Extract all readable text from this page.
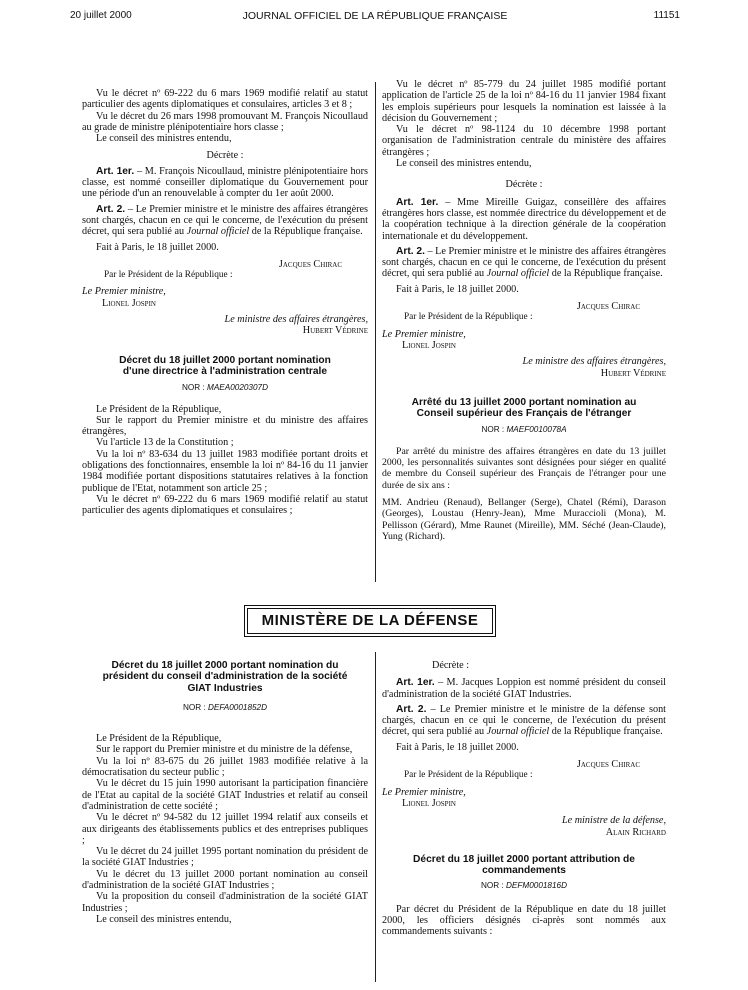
20 juillet 2000	JOURNAL OFFICIEL DE LA RÉPUBLIQUE FRANÇAISE	11151

Vu le décret nº 69-222 du 6 mars 1969 modifié relatif au statut particulier des agents diplomatiques et consulaires, articles 3 et 8 ;

Vu le décret du 26 mars 1998 promouvant M. François Nicoullaud au grade de ministre plénipotentiaire hors classe ;

Le conseil des ministres entendu,

Décrète :

Art. 1er. – M. François Nicoullaud, ministre plénipotentiaire hors classe, est nommé conseiller diplomatique du Gouvernement pour une période d'un an renouvelable à compter du 1er août 2000.

Art. 2. – Le Premier ministre et le ministre des affaires étrangères sont chargés, chacun en ce qui le concerne, de l'exécution du présent décret, qui sera publié au Journal officiel de la République française.

Fait à Paris, le 18 juillet 2000.

Jacques Chirac

Par le Président de la République :

Le Premier ministre,

Lionel Jospin

Le ministre des affaires étrangères,

Hubert Védrine

Décret du 18 juillet 2000 portant nomination d'une directrice à l'administration centrale

NOR : MAEA0020307D

Le Président de la République,

Sur le rapport du Premier ministre et du ministre des affaires étrangères,

Vu l'article 13 de la Constitution ;

Vu la loi nº 83-634 du 13 juillet 1983 modifiée portant droits et obligations des fonctionnaires, ensemble la loi nº 84-16 du 11 janvier 1984 modifiée portant dispositions statutaires relatives à la fonction publique de l'Etat, notamment son article 25 ;

Vu le décret nº 69-222 du 6 mars 1969 modifié relatif au statut particulier des agents diplomatiques et consulaires ;

Vu le décret nº 85-779 du 24 juillet 1985 modifié portant application de l'article 25 de la loi nº 84-16 du 11 janvier 1984 fixant les emplois supérieurs pour lesquels la nomination est laissée à la décision du Gouvernement ;

Vu le décret nº 98-1124 du 10 décembre 1998 portant organisation de l'administration centrale du ministère des affaires étrangères ;

Le conseil des ministres entendu,

Décrète :

Art. 1er. – Mme Mireille Guigaz, conseillère des affaires étrangères hors classe, est nommée directrice du développement et de la coopération technique à la direction générale de la coopération internationale et du développement.

Art. 2. – Le Premier ministre et le ministre des affaires étrangères sont chargés, chacun en ce qui le concerne, de l'exécution du présent décret, qui sera publié au Journal officiel de la République française.

Fait à Paris, le 18 juillet 2000.

Jacques Chirac

Par le Président de la République :

Le Premier ministre,

Lionel Jospin

Le ministre des affaires étrangères,

Hubert Védrine

Arrêté du 13 juillet 2000 portant nomination au Conseil supérieur des Français de l'étranger

NOR : MAEF0010078A

Par arrêté du ministre des affaires étrangères en date du 13 juillet 2000, les personnalités suivantes sont désignées pour siéger en qualité de membre du Conseil supérieur des Français de l'étranger pour une durée de six ans :

MM. Andrieu (Renaud), Bellanger (Serge), Chatel (Rémi), Darason (Georges), Loustau (Henry-Jean), Mme Muraccioli (Mona), M. Pellisson (Gérard), Mme Raunet (Mireille), MM. Séché (Jean-Claude), Yung (Richard).

MINISTÈRE DE LA DÉFENSE

Décret du 18 juillet 2000 portant nomination du président du conseil d'administration de la société GIAT Industries

NOR : DEFA0001852D

Le Président de la République,

Sur le rapport du Premier ministre et du ministre de la défense,

Vu la loi nº 83-675 du 26 juillet 1983 modifiée relative à la démocratisation du secteur public ;

Vu le décret du 15 juin 1990 autorisant la participation financière de l'Etat au capital de la société GIAT Industries et relatif au conseil d'administration de cette société ;

Vu le décret nº 94-582 du 12 juillet 1994 relatif aux conseils et aux dirigeants des établissements publics et des entreprises publiques ;

Vu le décret du 24 juillet 1995 portant nomination du président de la société GIAT Industries ;

Vu le décret du 13 juillet 2000 portant nomination au conseil d'administration de la société GIAT Industries ;

Vu la proposition du conseil d'administration de la société GIAT Industries ;

Le conseil des ministres entendu,

Décrète :

Art. 1er. – M. Jacques Loppion est nommé président du conseil d'administration de la société GIAT Industries.

Art. 2. – Le Premier ministre et le ministre de la défense sont chargés, chacun en ce qui le concerne, de l'exécution du présent décret, qui sera publié au Journal officiel de la République française.

Fait à Paris, le 18 juillet 2000.

Jacques Chirac

Par le Président de la République :

Le Premier ministre,

Lionel Jospin

Le ministre de la défense,

Alain Richard

Décret du 18 juillet 2000 portant attribution de commandements

NOR : DEFM0001816D

Par décret du Président de la République en date du 18 juillet 2000, les officiers désignés ci-après sont nommés aux commandements suivants :
